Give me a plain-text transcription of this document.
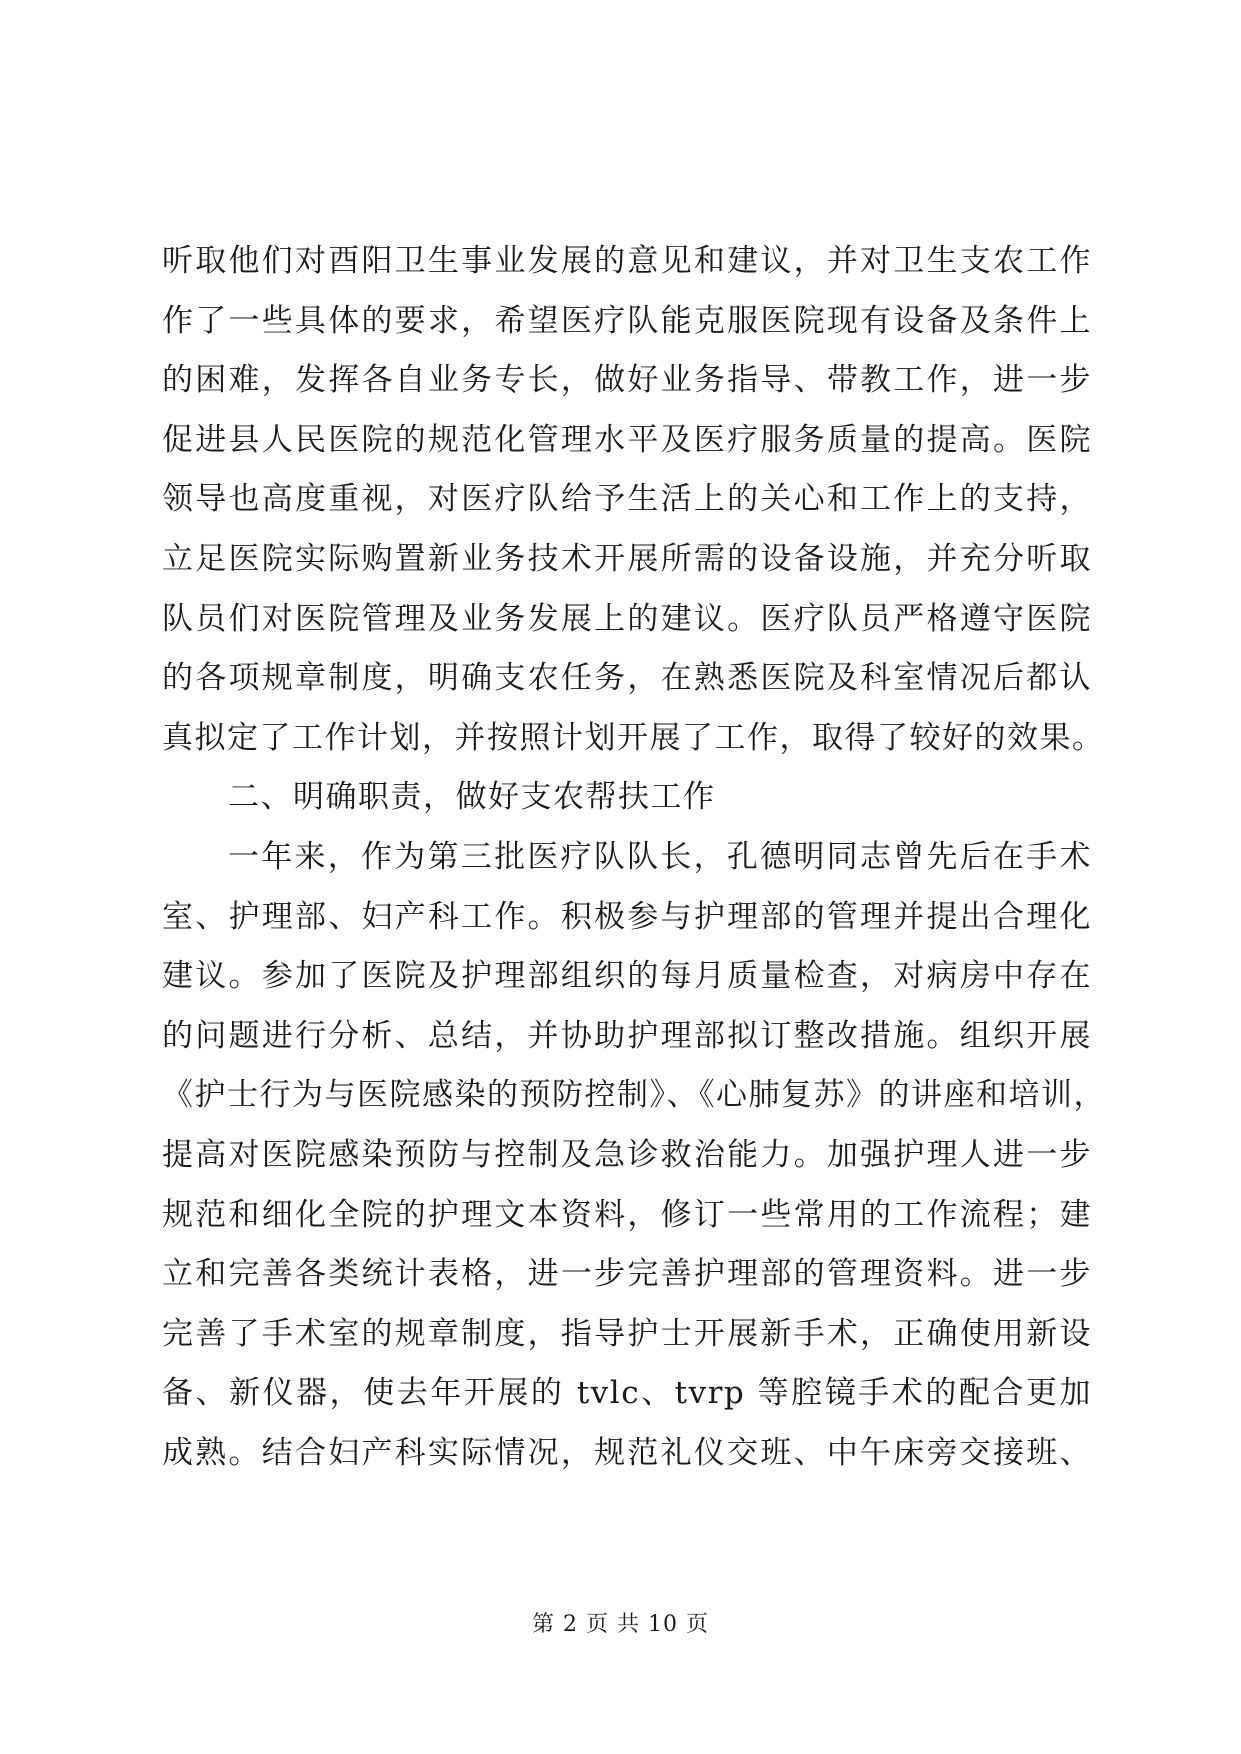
听取他们对酉阳卫生事业发展的意见和建议，并对卫生支农工作
作了一些具体的要求，希望医疗队能克服医院现有设备及条件上
的困难，发挥各自业务专长，做好业务指导、带教工作，进一步
促进县人民医院的规范化管理水平及医疗服务质量的提高。医院
领导也高度重视，对医疗队给予生活上的关心和工作上的支持，
立足医院实际购置新业务技术开展所需的设备设施，并充分听取
队员们对医院管理及业务发展上的建议。医疗队员严格遵守医院
的各项规章制度，明确支农任务，在熟悉医院及科室情况后都认
真拟定了工作计划，并按照计划开展了工作，取得了较好的效果。
二、明确职责，做好支农帮扶工作
一年来，作为第三批医疗队队长，孔德明同志曾先后在手术
室、护理部、妇产科工作。积极参与护理部的管理并提出合理化
建议。参加了医院及护理部组织的每月质量检查，对病房中存在
的问题进行分析、总结，并协助护理部拟订整改措施。组织开展
《护士行为与医院感染的预防控制》、《心肺复苏》的讲座和培训，
提高对医院感染预防与控制及急诊救治能力。加强护理人进一步
规范和细化全院的护理文本资料，修订一些常用的工作流程；建
立和完善各类统计表格，进一步完善护理部的管理资料。进一步
完善了手术室的规章制度，指导护士开展新手术，正确使用新设
备、新仪器，使去年开展的 tvlc、tvrp 等腔镜手术的配合更加
成熟。结合妇产科实际情况，规范礼仪交班、中午床旁交接班、
第 2 页 共 10 页
